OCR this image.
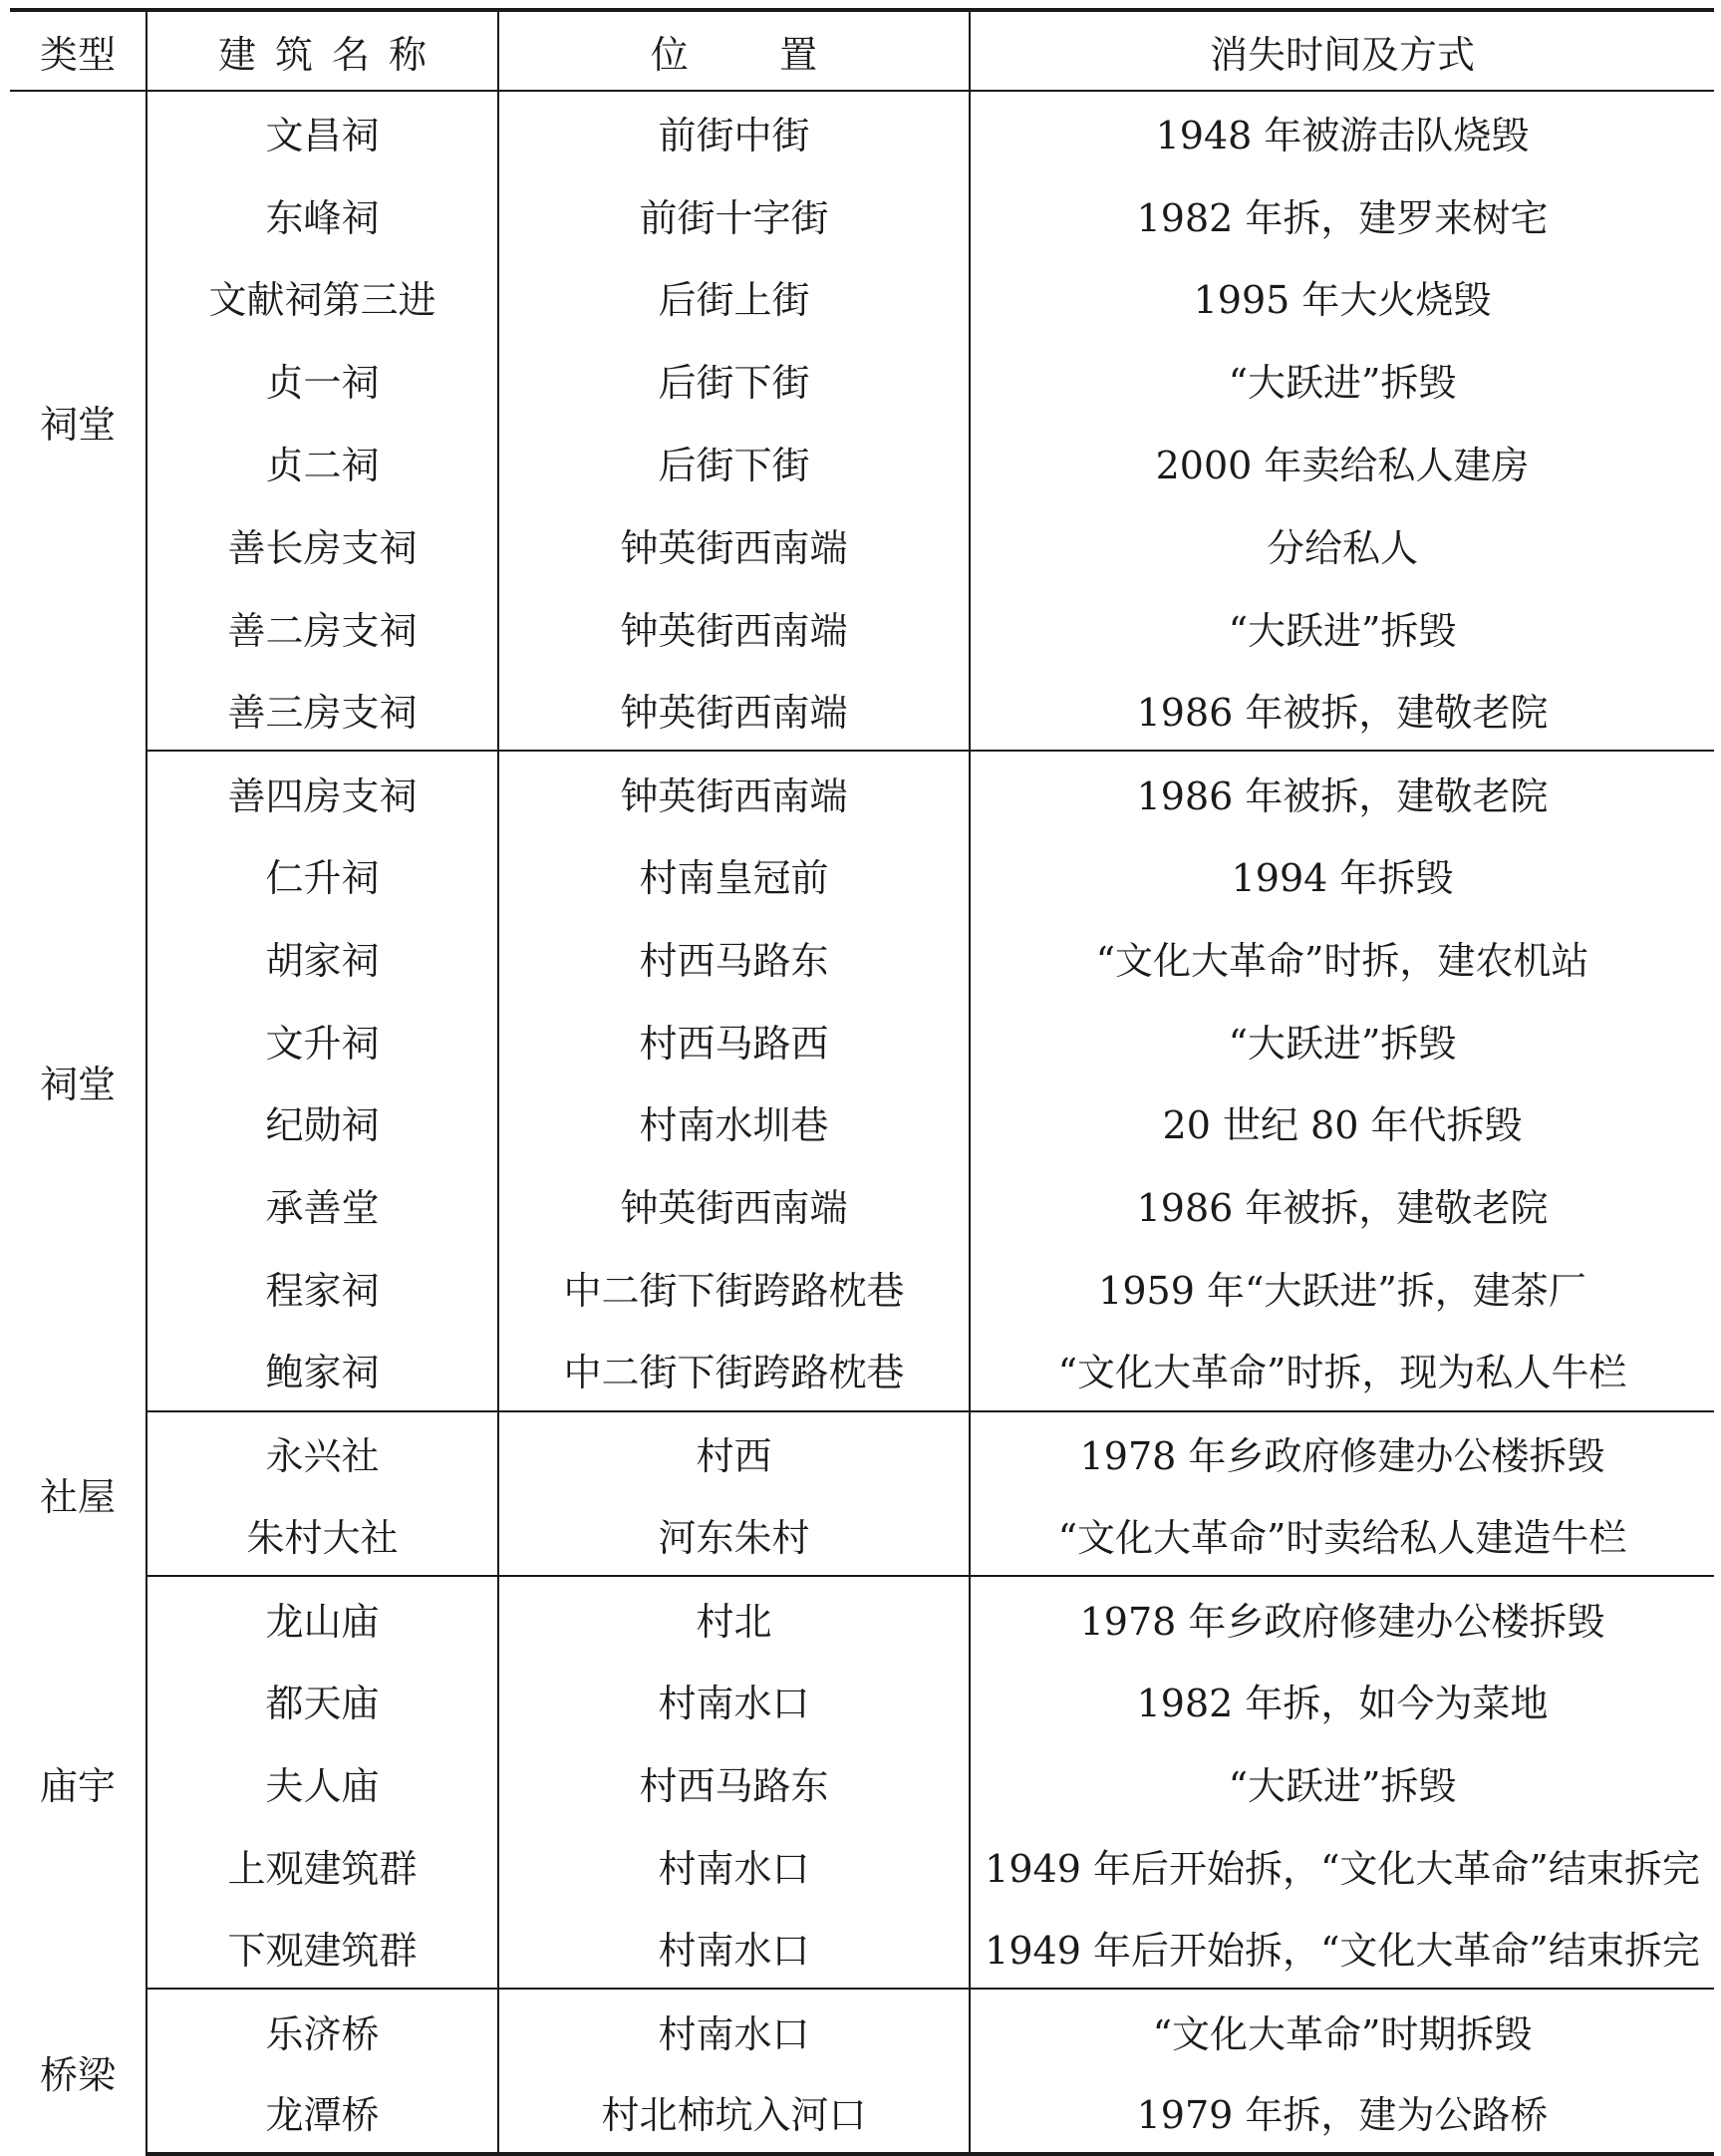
类型	建筑名称	位置	消失时间及方式
祠堂	文昌祠	前街中街	1948 年被游击队烧毁
	东峰祠	前街十字街	1982 年拆，建罗来树宅
	文献祠第三进	后街上街	1995 年大火烧毁
	贞一祠	后街下街	“大跃进”拆毁
	贞二祠	后街下街	2000 年卖给私人建房
	善长房支祠	钟英街西南端	分给私人
	善二房支祠	钟英街西南端	“大跃进”拆毁
	善三房支祠	钟英街西南端	1986 年被拆，建敬老院
祠堂	善四房支祠	钟英街西南端	1986 年被拆，建敬老院
	仁升祠	村南皇冠前	1994 年拆毁
	胡家祠	村西马路东	“文化大革命”时拆，建农机站
	文升祠	村西马路西	“大跃进”拆毁
	纪勋祠	村南水圳巷	20 世纪 80 年代拆毁
	承善堂	钟英街西南端	1986 年被拆，建敬老院
	程家祠	中二街下街跨路枕巷	1959 年“大跃进”拆，建茶厂
	鲍家祠	中二街下街跨路枕巷	“文化大革命”时拆，现为私人牛栏
社屋	永兴社	村西	1978 年乡政府修建办公楼拆毁
	朱村大社	河东朱村	“文化大革命”时卖给私人建造牛栏
庙宇	龙山庙	村北	1978 年乡政府修建办公楼拆毁
	都天庙	村南水口	1982 年拆，如今为菜地
	夫人庙	村西马路东	“大跃进”拆毁
	上观建筑群	村南水口	1949 年后开始拆，“文化大革命”结束拆完
	下观建筑群	村南水口	1949 年后开始拆，“文化大革命”结束拆完
桥梁	乐济桥	村南水口	“文化大革命”时期拆毁
	龙潭桥	村北柿坑入河口	1979 年拆，建为公路桥
